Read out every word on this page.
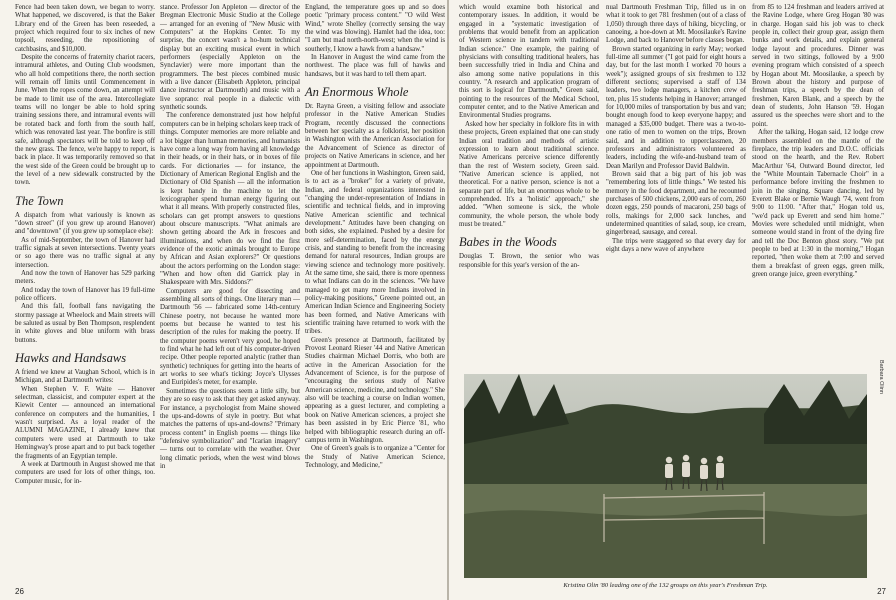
Fence had been taken down, we began to worry. What happened, we discovered, is that the Baker Library end of the Green has been reseeded, a project which required four to six inches of new topsoil, reseeding, the repositioning of catchbasins, and $10,000.

Despite the concerns of fraternity chariot racers, intramural athletes, and Outing Club woodsmen, who all hold competitions there, the north section will remain off limits until Commencement in June. When the ropes come down, an attempt will be made to limit use of the area. Intercollegiate teams will no longer be able to hold spring training sessions there, and intramural events will be rotated back and forth from the south half, which was renovated last year. The bonfire is still safe, although spectators will be told to keep off the new grass. The fence, we're happy to report, is back in place. It was temporarily removed so that the west side of the Green could be brought up to the level of a new sidewalk constructed by the town.

The Town

A dispatch from what variously is known as "down street" (if you grew up around Hanover) and "downtown" (if you grew up someplace else):

As of mid-September, the town of Hanover had traffic signals at seven intersections. Twenty years or so ago there was no traffic signal at any intersection.

And now the town of Hanover has 529 parking meters.

And today the town of Hanover has 19 full-time police officers.

And this fall, football fans navigating the stormy passage at Wheelock and Main streets will be saluted as usual by Ben Thompson, resplendent in white gloves and blue uniform with brass buttons.

Hawks and Handsaws

A friend we knew at Vaughan School, which is in Michigan, and at Dartmouth writes:

When Stephen V. F. Waite — Hanover selectman, classicist, and computer expert at the Kiewit Center — announced an international conference on computers and the humanities, I wasn't surprised. As a loyal reader of the ALUMNI MAGAZINE, I already knew that computers were used at Dartmouth to take Hemingway's prose apart and to put back together the fragments of an Egyptian temple.

A week at Dartmouth in August showed me that computers are used for lots of other things, too. Computer music, for in-

stance. Professor Jon Appleton — director of the Bregman Electronic Music Studio at the College — arranged for an evening of "New Music with Computers" at the Hopkins Center. To my surprise, the concert wasn't a ho-hum technical display but an exciting musical event in which performers (especially Appleton on the Synclavier) were more important than the programmers. The best pieces combined music with a live dancer (Elisabeth Appleton, principal dance instructor at Dartmouth) and music with a live soprano: real people in a dialectic with synthetic sounds.

The conference demonstrated just how helpful computers can be in helping scholars keep track of things. Computer memories are more reliable and a lot bigger than human memories, and humanists have come a long way from having all knowledge in their heads, or in their hats, or in boxes of file cards. For dictionaries — for instance, the Dictionary of American Regional English and the Dictionary of Old Spanish — all the information is kept handy in the machine to let the lexicographer spend human energy figuring out what it all means. With properly constructed files, scholars can get prompt answers to questions about obscure manuscripts. "What animals are shown getting aboard the Ark in frescoes and illuminations, and when do we find the first evidence of the exotic animals brought to Europe by African and Asian explorers?" Or questions about the actors performing on the London stage: "When and how often did Garrick play in Shakespeare with Mrs. Siddons?"

Computers are good for dissecting and assembling all sorts of things. One literary man — Dartmouth '56 — fabricated some 14th-century Chinese poetry, not because he wanted more poems but because he wanted to test his description of the rules for making the poetry. If the computer poems weren't very good, he hoped to find what he had left out of his computer-driven recipe. Other people reported analytic (rather than synthetic) techniques for getting into the hearts of art works to see what's ticking: Joyce's Ulysses and Euripides's meter, for example.

Sometimes the questions seem a little silly, but they are so easy to ask that they get asked anyway. For instance, a psychologist from Maine showed the ups-and-downs of style in poetry. But what matches the patterns of ups-and-downs? "Primary process content" in English poems — things like "defensive symbolization" and "Icarian imagery" — turns out to correlate with the weather. Over long climatic periods, when the west wind blows in

England, the temperature goes up and so does poetic "primary process content." "O wild West Wind," wrote Shelley (correctly sensing the way the wind was blowing). Hamlet had the idea, too: "I am but mad north-north-west; when the wind is southerly, I know a hawk from a handsaw."

In Hanover in August the wind came from the northwest. The place was full of hawks and handsaws, but it was hard to tell them apart.

An Enormous Whole

Dr. Rayna Green, a visiting fellow and associate professor in the Native American Studies Program, recently discussed the connections between her specialty as a folklorist, her position in Washington with the American Association for the Advancement of Science as director of projects on Native Americans in science, and her appointment at Dartmouth.

One of her functions in Washington, Green said, is to act as a "broker" for a variety of private, Indian, and federal organizations interested in "changing the under-representation of Indians in scientific and technical fields, and in improving Native American scientific and technical development." Attitudes have been changing on both sides, she explained. Pushed by a desire for more self-determination, faced by the energy crisis, and standing to benefit from the increasing demand for natural resources, Indian groups are viewing science and technology more positively. At the same time, she said, there is more openness to what Indians can do in the sciences. "We have managed to get many more Indians involved in policy-making positions," Greene pointed out, an American Indian Science and Engineering Society has been formed, and Native Americans with scientific training have returned to work with the tribes.

Green's presence at Dartmouth, facilitated by Provost Leonard Rieser '44 and Native American Studies chairman Michael Dorris, who both are active in the American Association for the Advancement of Science, is for the purpose of "encouraging the serious study of Native American science, medicine, and technology." She also will be teaching a course on Indian women, appearing as a guest lecturer, and completing a book on Native American sciences, a project she has been assisted in by Eric Pierce '81, who helped with bibliographic research during an off-campus term in Washington.

One of Green's goals is to organize a "Center for the Study of Native American Science, Technology, and Medicine,"

26

which would examine both historical and contemporary issues. In addition, it would be engaged in a "systematic investigation of problems that would benefit from an application of Western science in tandem with traditional Indian science." One example, the pairing of physicians with consulting traditional healers, has been successfully tried in India and China and also among some native populations in this country. "A research and application program of this sort is logical for Dartmouth," Green said, pointing to the resources of the Medical School, computer center, and to the Native American and Environmental Studies programs.

Asked how her specialty in folklore fits in with these projects, Green explained that one can study Indian oral tradition and methods of artistic expression to learn about traditional science. Native Americans perceive science differently than the rest of Western society, Green said. "Native American science is applied, not theoretical. For a native person, science is not a separate part of life, but an enormous whole to be comprehended. It's a 'holistic' approach," she added. "When someone is sick, the whole community, the whole person, the whole body must be treated."

Babes in the Woods

Douglas T. Brown, the senior who was responsible for this year's version of the an-

nual Dartmouth Freshman Trip, filled us in on what it took to get 781 freshmen (out of a class of 1,050) through three days of hiking, bicycling, or canoeing, a hoe-down at Mt. Moosilauke's Ravine Lodge, and back to Hanover before classes began.

Brown started organizing in early May; worked full-time all summer ("I got paid for eight hours a day, but for the last month I worked 70 hours a week"); assigned groups of six freshmen to 132 different sections; supervised a staff of 134 leaders, two lodge managers, a kitchen crew of ten, plus 15 students helping in Hanover; arranged for 10,000 miles of transportation by bus and van; bought enough food to keep everyone happy; and managed a $35,000 budget. There was a two-to-one ratio of men to women on the trips, Brown said, and in addition to upperclassmen, 20 professors and administrators volunteered as leaders, including the wife-and-husband team of Dean Marilyn and Professor David Baldwin.

Brown said that a big part of his job was "remembering lots of little things." We tested his memory in the food department, and he recounted purchases of 500 chickens, 2,000 ears of corn, 260 dozen eggs, 250 pounds of macaroni, 250 bags of rolls, makings for 2,000 sack lunches, and undetermined quantities of salad, soup, ice cream, gingerbread, sausage, and cereal.

The trips were staggered so that every day for eight days a new wave of anywhere

from 85 to 124 freshman and leaders arrived at the Ravine Lodge, where Greg Hogan '80 was in charge. Hogan said his job was to check people in, collect their group gear, assign them bunks and work details, and explain general lodge layout and procedures. Dinner was served in two sittings, followed by a 9:00 evening program which consisted of a speech by Hogan about Mt. Moosilauke, a speech by Brown about the history and purpose of freshman trips, a speech by the dean of freshmen, Karen Blank, and a speech by the dean of students, John Hanson '59. Hogan assured us the speeches were short and to the point.

After the talking, Hogan said, 12 lodge crew members assembled on the mantle of the fireplace, the trip leaders and D.O.C. officials stood on the hearth, and the Rev. Robert MacArthur '64, Outward Bound director, led the "White Mountain Tabernacle Choir" in a performance before inviting the freshmen to join in the singing. Square dancing, led by Everett Blake or Bernie Waugh '74, went from 9:00 to 11:00. "After that," Hogan told us, "we'd pack up Everett and send him home." Movies were scheduled until midnight, when someone would stand in front of the dying fire and tell the Doc Benton ghost story. "We put people to bed at 1:30 in the morning," Hogan reported, "then woke them at 7:00 and served them a breakfast of green eggs, green milk, green orange juice, green everything."

Barbara Olinn
Kristina Olin '80 leading one of the 132 groups on this year's Freshman Trip.
27
